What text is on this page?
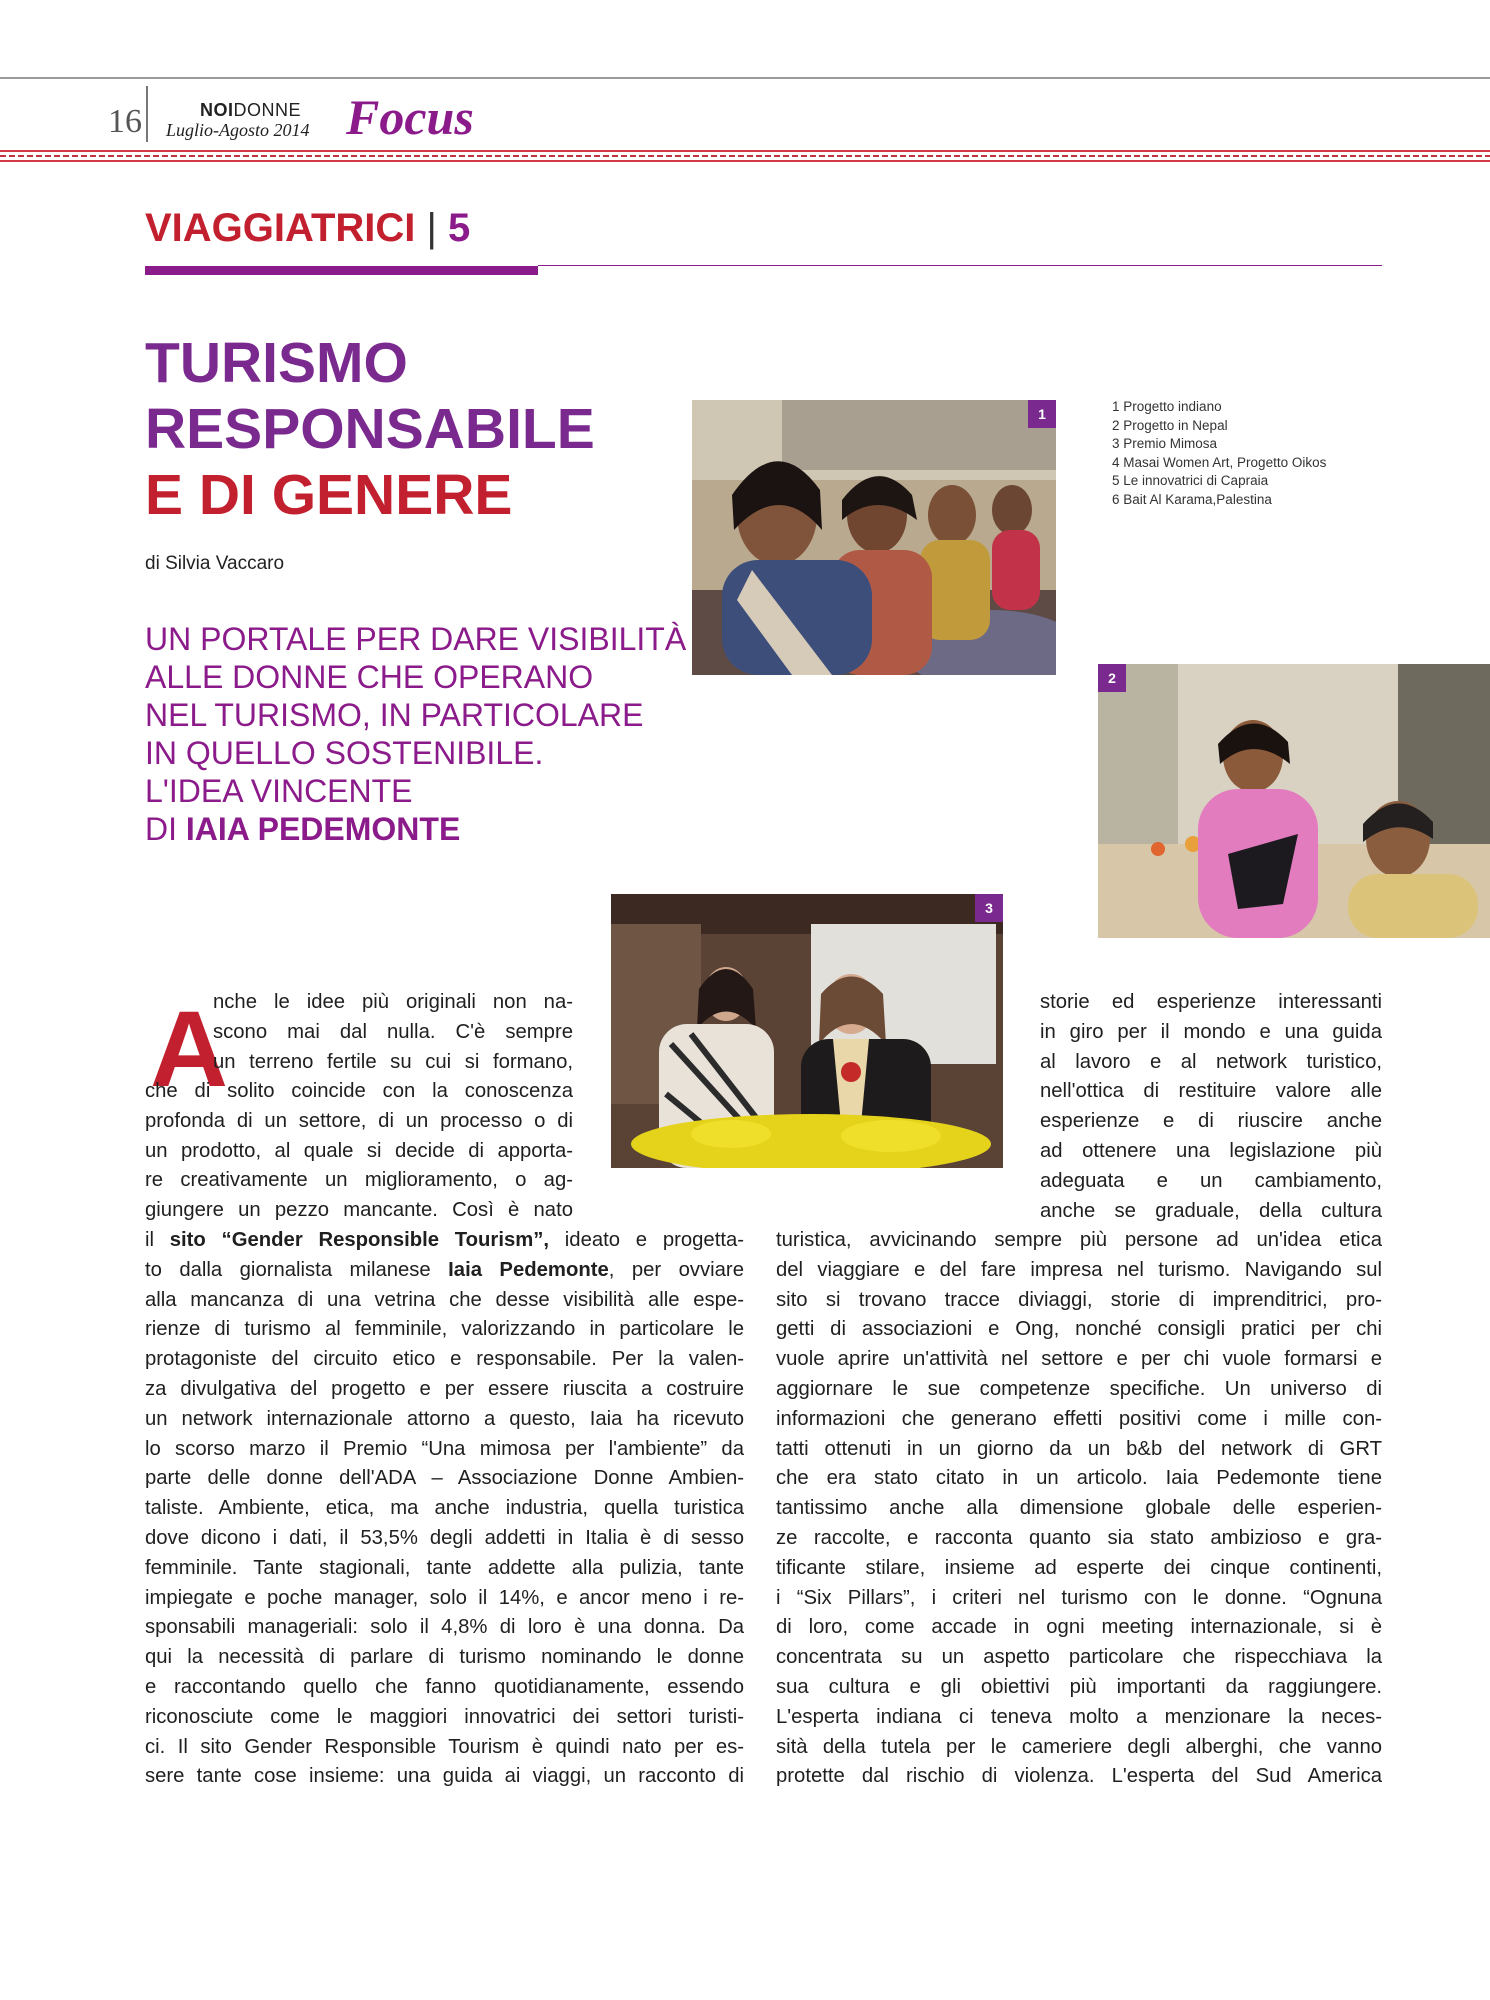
16	NOIDONNE
Luglio-Agosto 2014 Focus
VIAGGIATRICI | 5
TURISMO
RESPONSABILE
E DI GENERE
di Silvia Vaccaro
UN PORTALE PER DARE VISIBILITÀ
ALLE DONNE CHE OPERANO
NEL TURISMO, IN PARTICOLARE
IN QUELLO SOSTENIBILE.
L'IDEA VINCENTE
DI IAIA PEDEMONTE
1 Progetto indiano
2 Progetto in Nepal
3 Premio Mimosa
4 Masai Women Art, Progetto Oikos
5 Le innovatrici di Capraia
6 Bait Al Karama,Palestina
1
2
3
A
nche le idee più originali non na-
scono mai dal nulla. C'è sempre
un terreno fertile su cui si formano,
che di solito coincide con la conoscenza
profonda di un settore, di un processo o di
un prodotto, al quale si decide di apporta-
re creativamente un miglioramento, o ag-
giungere un pezzo mancante. Così è nato
il sito “Gender Responsible Tourism”, ideato e progetta-
to dalla giornalista milanese Iaia Pedemonte, per ovviare
alla mancanza di una vetrina che desse visibilità alle espe-
rienze di turismo al femminile, valorizzando in particolare le
protagoniste del circuito etico e responsabile. Per la valen-
za divulgativa del progetto e per essere riuscita a costruire
un network internazionale attorno a questo, Iaia ha ricevuto
lo scorso marzo il Premio “Una mimosa per l'ambiente” da
parte delle donne dell'ADA – Associazione Donne Ambien-
taliste. Ambiente, etica, ma anche industria, quella turistica
dove dicono i dati, il 53,5% degli addetti in Italia è di sesso
femminile. Tante stagionali, tante addette alla pulizia, tante
impiegate e poche manager, solo il 14%, e ancor meno i re-
sponsabili manageriali: solo il 4,8% di loro è una donna. Da
qui la necessità di parlare di turismo nominando le donne
e raccontando quello che fanno quotidianamente, essendo
riconosciute come le maggiori innovatrici dei settori turisti-
ci. Il sito Gender Responsible Tourism è quindi nato per es-
sere tante cose insieme: una guida ai viaggi, un racconto di
storie ed esperienze interessanti
in giro per il mondo e una guida
al lavoro e al network turistico,
nell'ottica di restituire valore alle
esperienze e di riuscire anche
ad ottenere una legislazione più
adeguata e un cambiamento,
anche se graduale, della cultura
turistica, avvicinando sempre più persone ad un'idea etica
del viaggiare e del fare impresa nel turismo. Navigando sul
sito si trovano tracce diviaggi, storie di imprenditrici, pro-
getti di associazioni e Ong, nonché consigli pratici per chi
vuole aprire un'attività nel settore e per chi vuole formarsi e
aggiornare le sue competenze specifiche. Un universo di
informazioni che generano effetti positivi come i mille con-
tatti ottenuti in un giorno da un b&b del network di GRT
che era stato citato in un articolo. Iaia Pedemonte tiene
tantissimo anche alla dimensione globale delle esperien-
ze raccolte, e racconta quanto sia stato ambizioso e gra-
tificante stilare, insieme ad esperte dei cinque continenti,
i “Six Pillars”, i criteri nel turismo con le donne. “Ognuna
di loro, come accade in ogni meeting internazionale, si è
concentrata su un aspetto particolare che rispecchiava la
sua cultura e gli obiettivi più importanti da raggiungere.
L'esperta indiana ci teneva molto a menzionare la neces-
sità della tutela per le cameriere degli alberghi, che vanno
protette dal rischio di violenza. L'esperta del Sud America
